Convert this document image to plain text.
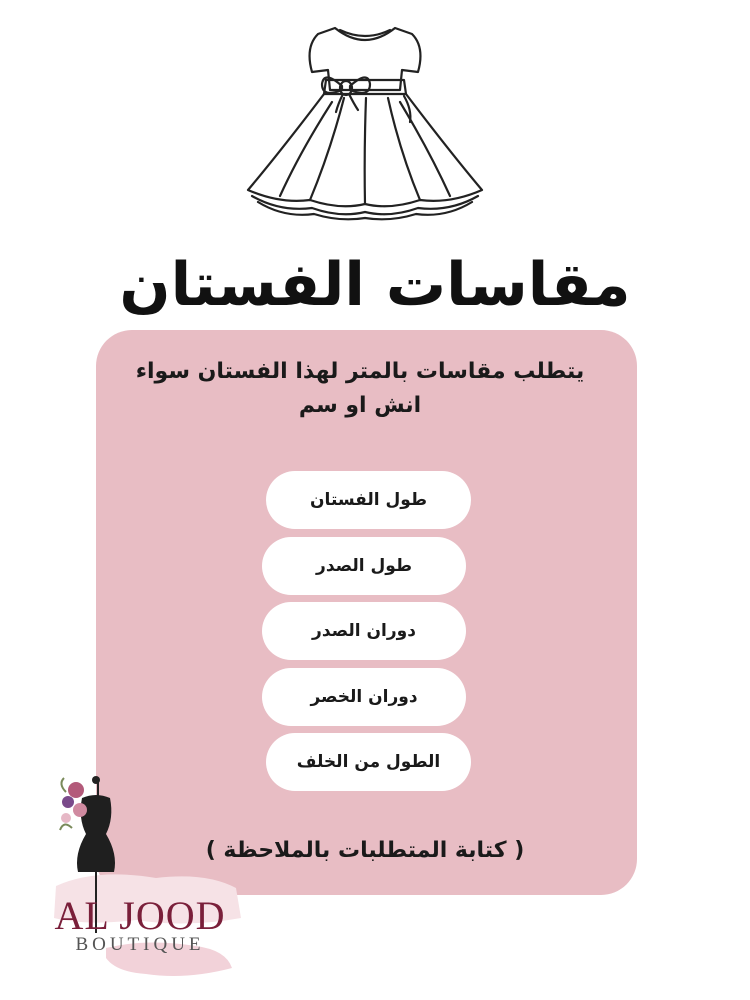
مقاسات الفستان
يتطلب مقاسات بالمتر لهذا الفستان سواء انش او سم
طول الفستان
طول الصدر
دوران الصدر
دوران الخصر
الطول من الخلف
( كتابة المتطلبات بالملاحظة )
AL JOOD
BOUTIQUE
